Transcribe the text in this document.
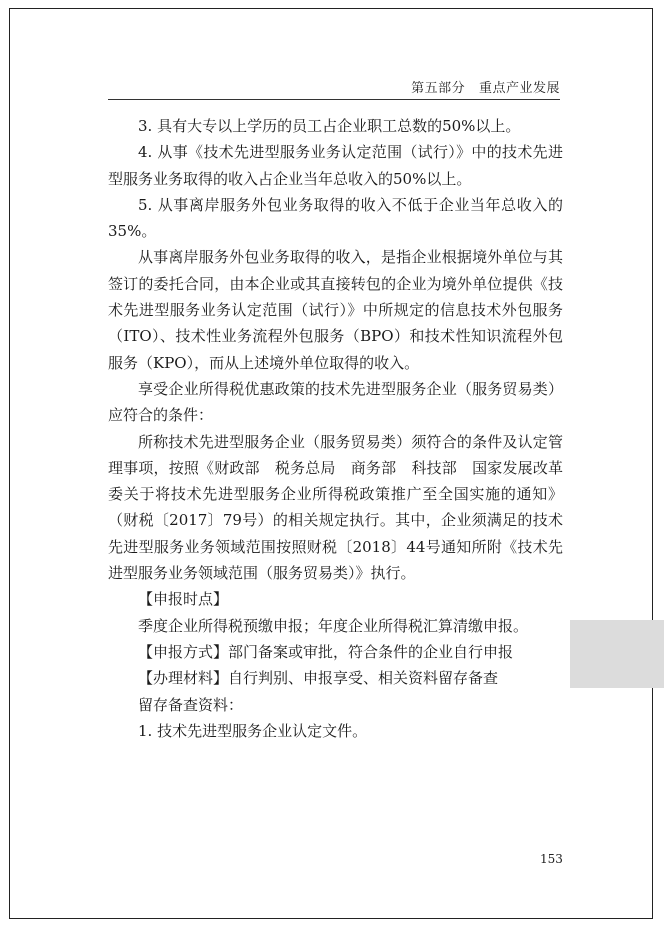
第五部分 重点产业发展

3. 具有大专以上学历的员工占企业职工总数的50%以上。

4. 从事《技术先进型服务业务认定范围（试行）》中的技术先进型服务业务取得的收入占企业当年总收入的50%以上。

5. 从事离岸服务外包业务取得的收入不低于企业当年总收入的35%。

从事离岸服务外包业务取得的收入，是指企业根据境外单位与其签订的委托合同，由本企业或其直接转包的企业为境外单位提供《技术先进型服务业务认定范围（试行）》中所规定的信息技术外包服务（ITO）、技术性业务流程外包服务（BPO）和技术性知识流程外包服务（KPO），而从上述境外单位取得的收入。

享受企业所得税优惠政策的技术先进型服务企业（服务贸易类）应符合的条件：

所称技术先进型服务企业（服务贸易类）须符合的条件及认定管理事项，按照《财政部　税务总局　商务部　科技部　国家发展改革委关于将技术先进型服务企业所得税政策推广至全国实施的通知》（财税〔2017〕79号）的相关规定执行。其中，企业须满足的技术先进型服务业务领域范围按照财税〔2018〕44号通知所附《技术先进型服务业务领域范围（服务贸易类）》执行。

【申报时点】

季度企业所得税预缴申报；年度企业所得税汇算清缴申报。

【申报方式】部门备案或审批，符合条件的企业自行申报

【办理材料】自行判别、申报享受、相关资料留存备查

留存备查资料：

1. 技术先进型服务企业认定文件。

153
